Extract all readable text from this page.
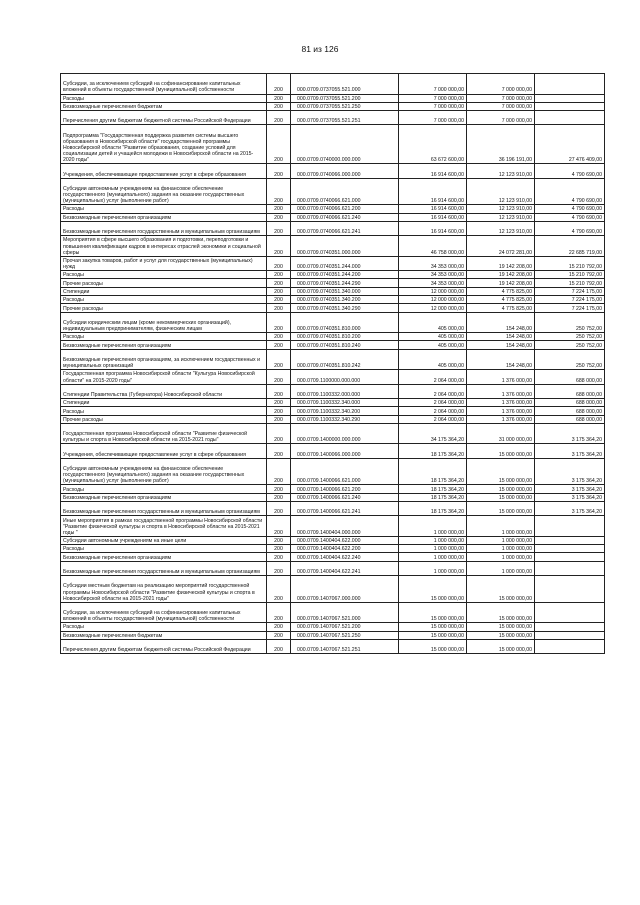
81 из 126
Субсидии, за исключением субсидий на софинансирование капитальных вложений в объекты государственной (муниципальной) собственности	200	000.0709.0737055.521.000	7 000 000,00	7 000 000,00	
Расходы	200	000.0709.0737055.521.200	7 000 000,00	7 000 000,00	
Безвозмездные перечисления бюджетам	200	000.0709.0737055.521.250	7 000 000,00	7 000 000,00	
Перечисления другим бюджетам бюджетной системы Российской Федерации	200	000.0709.0737055.521.251	7 000 000,00	7 000 000,00	
Подпрограмма "Государственная поддержка развития системы высшего образования в Новосибирской области" государственной программы Новосибирской области "Развитие образования, создание условий для социализации детей и учащейся молодежи в Новосибирской области на 2015-2020 годы"	200	000.0709.0740000.000.000	63 672 600,00	36 196 191,00	27 476 409,00
Учреждения, обеспечивающие предоставление услуг в сфере образования	200	000.0709.0740066.000.000	16 914 600,00	12 123 910,00	4 790 690,00
Субсидии автономным учреждениям на финансовое обеспечение государственного (муниципального) задания на оказание государственных (муниципальных) услуг (выполнение работ)	200	000.0709.0740066.621.000	16 914 600,00	12 123 910,00	4 790 690,00
Расходы	200	000.0709.0740066.621.200	16 914 600,00	12 123 910,00	4 790 690,00
Безвозмездные перечисления организациям	200	000.0709.0740066.621.240	16 914 600,00	12 123 910,00	4 790 690,00
Безвозмездные перечисления государственным и муниципальным организациям	200	000.0709.0740066.621.241	16 914 600,00	12 123 910,00	4 790 690,00
Мероприятия в сфере высшего образования и подготовки, переподготовки и повышения квалификации кадров в интересах отраслей экономики и социальной сферы	200	000.0709.0740351.000.000	46 758 000,00	24 072 281,00	22 685 719,00
Прочая закупка товаров, работ и услуг для государственных (муниципальных) нужд	200	000.0709.0740351.244.000	34 353 000,00	19 142 208,00	15 210 792,00
Расходы	200	000.0709.0740351.244.200	34 353 000,00	19 142 208,00	15 210 792,00
Прочие расходы	200	000.0709.0740351.244.290	34 353 000,00	19 142 208,00	15 210 792,00
Стипендии	200	000.0709.0740351.340.000	12 000 000,00	4 775 825,00	7 224 175,00
Расходы	200	000.0709.0740351.340.200	12 000 000,00	4 775 825,00	7 224 175,00
Прочие расходы	200	000.0709.0740351.340.290	12 000 000,00	4 775 825,00	7 224 175,00
Субсидии юридическим лицам (кроме некоммерческих организаций), индивидуальным предпринимателям, физическим лицам	200	000.0709.0740351.810.000	405 000,00	154 248,00	250 752,00
Расходы	200	000.0709.0740351.810.200	405 000,00	154 248,00	250 752,00
Безвозмездные перечисления организациям	200	000.0709.0740351.810.240	405 000,00	154 248,00	250 752,00
Безвозмездные перечисления организациям, за исключением государственных и муниципальных организаций	200	000.0709.0740351.810.242	405 000,00	154 248,00	250 752,00
Государственная программа Новосибирской области "Культура Новосибирской области" на 2015-2020 годы"	200	000.0709.1100000.000.000	2 064 000,00	1 376 000,00	688 000,00
Стипендии Правительства (Губернатора) Новосибирской области	200	000.0709.1100332.000.000	2 064 000,00	1 376 000,00	688 000,00
Стипендии	200	000.0709.1100332.340.000	2 064 000,00	1 376 000,00	688 000,00
Расходы	200	000.0709.1100332.340.200	2 064 000,00	1 376 000,00	688 000,00
Прочие расходы	200	000.0709.1100332.340.290	2 064 000,00	1 376 000,00	688 000,00
Государственная программа Новосибирской области "Развитие физической культуры и спорта в Новосибирской области на 2015-2021 годы"	200	000.0709.1400000.000.000	34 175 364,20	31 000 000,00	3 175 364,20
Учреждения, обеспечивающие предоставление услуг в сфере образования	200	000.0709.1400066.000.000	18 175 364,20	15 000 000,00	3 175 364,20
Субсидии автономным учреждениям на финансовое обеспечение государственного (муниципального) задания на оказание государственных (муниципальных) услуг (выполнение работ)	200	000.0709.1400066.621.000	18 175 364,20	15 000 000,00	3 175 364,20
Расходы	200	000.0709.1400066.621.200	18 175 364,20	15 000 000,00	3 175 364,20
Безвозмездные перечисления организациям	200	000.0709.1400066.621.240	18 175 364,20	15 000 000,00	3 175 364,20
Безвозмездные перечисления государственным и муниципальным организациям	200	000.0709.1400066.621.241	18 175 364,20	15 000 000,00	3 175 364,20
Иные мероприятия в рамках государственной программы Новосибирской области "Развитие физической культуры и спорта в Новосибирской области на 2015-2021 годы "	200	000.0709.1400404.000.000	1 000 000,00	1 000 000,00	
Субсидии автономным учреждениям на иные цели	200	000.0709.1400404.622.000	1 000 000,00	1 000 000,00	
Расходы	200	000.0709.1400404.622.200	1 000 000,00	1 000 000,00	
Безвозмездные перечисления организациям	200	000.0709.1400404.622.240	1 000 000,00	1 000 000,00	
Безвозмездные перечисления государственным и муниципальным организациям	200	000.0709.1400404.622.241	1 000 000,00	1 000 000,00	
Субсидии местным бюджетам на реализацию мероприятий государственной программы Новосибирской области "Развитие физической культуры и спорта в Новосибирской области на 2015-2021 годы"	200	000.0709.1407067.000.000	15 000 000,00	15 000 000,00	
Субсидии, за исключением субсидий на софинансирование капитальных вложений в объекты государственной (муниципальной) собственности	200	000.0709.1407067.521.000	15 000 000,00	15 000 000,00	
Расходы	200	000.0709.1407067.521.200	15 000 000,00	15 000 000,00	
Безвозмездные перечисления бюджетам	200	000.0709.1407067.521.250	15 000 000,00	15 000 000,00	
Перечисления другим бюджетам бюджетной системы Российской Федерации	200	000.0709.1407067.521.251	15 000 000,00	15 000 000,00	
